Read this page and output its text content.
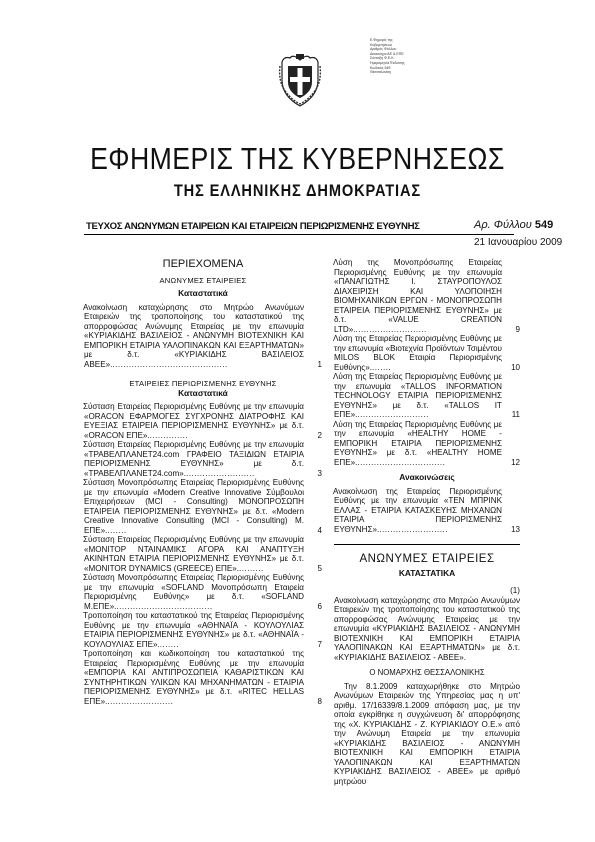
Ε.Φημερίς της
Κυβερνήσεως
Αριθμός Φύλλου
Δικαιούχοι ΑΕ & ΕΠΕ
Σύνταξη Φ.Ε.Κ.
Ημερομηνία Έκδοσης
Κωδικός 549
Θεσσαλονίκη
ΕΦΗΜΕΡΙΣ ΤΗΣ ΚΥΒΕΡΝΗΣΕΩΣ
ΤΗΣ ΕΛΛΗΝΙΚΗΣ ΔΗΜΟΚΡΑΤΙΑΣ
ΤΕΥΧΟΣ ΑΝΩΝΥΜΩΝ ΕΤΑΙΡΕΙΩΝ ΚΑΙ ΕΤΑΙΡΕΙΩΝ ΠΕΡΙΩΡΙΣΜΕΝΗΣ ΕΥΘΥΝΗΣ	Αρ. Φύλλου 549
21 Ιανουαρίου 2009
ΠΕΡΙΕΧΟΜΕΝΑ
ΑΝΩΝΥΜΕΣ ΕΤΑΙΡΕΙΕΣ
Καταστατικά
Ανακοίνωση καταχώρησης στο Μητρώο Ανωνύμων Εταιρειών της τροποποίησης του καταστατικού της απορροφώσας Ανώνυμης Εταιρείας με την επωνυμία «ΚΥΡΙΑΚΙΔΗΣ ΒΑΣΙΛΕΙΟΣ - ΑΝΩΝΥΜΗ ΒΙΟΤΕΧΝΙΚΗ ΚΑΙ ΕΜΠΟΡΙΚΗ ΕΤΑΙΡΙΑ ΥΑΛΟΠΙΝΑΚΩΝ ΚΑΙ ΕΞΑΡΤΗΜΑΤΩΝ» με δ.τ. «ΚΥΡΙΑΚΙΔΗΣ ΒΑΣΙΛΕΙΟΣ ΑΒΕΕ»...........................................	1
ΕΤΑΙΡΕΙΕΣ ΠΕΡΙΩΡΙΣΜΕΝΗΣ ΕΥΘΥΝΗΣ
Καταστατικά
Σύσταση Εταιρείας Περιορισμένης Ευθύνης με την επωνυμία «ORACON ΕΦΑΡΜΟΓΕΣ ΣΥΓΧΡΟΝΗΣ ΔΙΑΤΡΟΦΗΣ ΚΑΙ ΕΥΕΞΙΑΣ ΕΤΑΙΡΕΙΑ ΠΕΡΙΟΡΙΣΜΕΝΗΣ ΕΥΘΥΝΗΣ» με δ.τ. «ORACON ΕΠΕ»...............	2
Σύσταση Εταιρείας Περιορισμένης Ευθύνης με την επωνυμία «ΤΡΑΒΕΛΠΛΑΝΕΤ24.com ΓΡΑΦΕΙΟ ΤΑΞΙΔΙΩΝ ΕΤΑΙΡΙΑ ΠΕΡΙΟΡΙΣΜΕΝΗΣ ΕΥΘΥΝΗΣ» με δ.τ. «ΤΡΑΒΕΛΠΛΑΝΕΤ24.com»..........................	3
Σύσταση Μονοπρόσωπης Εταιρείας Περιορισμένης Ευθύνης με την επωνυμία «Modern Creative Innovative Σύμβουλοι Επιχειρήσεων (MCI - Consulting) ΜΟΝΟΠΡΟΣΩΠΗ ΕΤΑΙΡΕΙΑ ΠΕΡΙΟΡΙΣΜΕΝΗΣ ΕΥΘΥΝΗΣ» με δ.τ. «Modern Creative Innovative Consulting (MCI - Consulting) Μ. ΕΠΕ»........	4
Σύσταση Εταιρείας Περιορισμένης Ευθύνης με την επωνυμία «ΜΟΝΙΤΟΡ ΝΤΑΙΝΑΜΙΚΣ ΑΓΟΡΑ ΚΑΙ ΑΝΑΠΤΥΞΗ ΑΚΙΝΗΤΩΝ ΕΤΑΙΡΙΑ ΠΕΡΙΟΡΙΣΜΕΝΗΣ ΕΥΘΥΝΗΣ» με δ.τ. «MONITOR DYNAMICS (GREECE) ΕΠΕ»..........	5
Σύσταση Μονοπρόσωπης Εταιρείας Περιορισμένης Ευθύνης με την επωνυμία «SOFLAND Μονοπρόσωπη Εταιρεία Περιορισμένης Ευθύνης» με δ.τ. «SOFLAND Μ.ΕΠΕ»....................................	6
Τροποποίηση του καταστατικού της Εταιρείας Περιορισμένης Ευθύνης με την επωνυμία «ΑΘΗΝΑΪΑ - ΚΟΥΛΟΥΛΙΑΣ ΕΤΑΙΡΙΑ ΠΕΡΙΟΡΙΣΜΕΝΗΣ ΕΥΘΥΝΗΣ» με δ.τ. «ΑΘΗΝΑΪΑ - ΚΟΥΛΟΥΛΙΑΣ ΕΠΕ»........	7
Τροποποίηση και κωδικοποίηση του καταστατικού της Εταιρείας Περιορισμένης Ευθύνης με την επωνυμία «ΕΜΠΟΡΙΑ ΚΑΙ ΑΝΤΙΠΡΟΣΩΠΕΙΑ ΚΑΘΑΡΙΣΤΙΚΩΝ ΚΑΙ ΣΥΝΤΗΡΗΤΙΚΩΝ ΥΛΙΚΩΝ ΚΑΙ ΜΗΧΑΝΗΜΑΤΩΝ - ΕΤΑΙΡΙΑ ΠΕΡΙΟΡΙΣΜΕΝΗΣ ΕΥΘΥΝΗΣ» με δ.τ. «RITEC HELLAS ΕΠΕ».........................	8
Λύση της Μονοπρόσωπης Εταιρείας Περιορισμένης Ευθύνης με την επωνυμία «ΠΑΝΑΓΙΩΤΗΣ Ι. ΣΤΑΥΡΟΠΟΥΛΟΣ ΔΙΑΧΕΙΡΙΣΗ ΚΑΙ ΥΛΟΠΟΙΗΣΗ ΒΙΟΜΗΧΑΝΙΚΩΝ ΕΡΓΩΝ - ΜΟΝΟΠΡΟΣΩΠΗ ΕΤΑΙΡΕΙΑ ΠΕΡΙΟΡΙΣΜΕΝΗΣ ΕΥΘΥΝΗΣ» με δ.τ. «VALUE CREATION LTD»...........................	9
Λύση της Εταιρείας Περιορισμένης Ευθύνης με την επωνυμία «Βιοτεχνία Προϊόντων Τσιμέντου MILOS BLOK Εταιρία Περιορισμένης Ευθύνης»........	10
Λύση της Εταιρείας Περιορισμένης Ευθύνης με την επωνυμία «TALLOS INFORMATION TECHNOLOGY ΕΤΑΙΡΙΑ ΠΕΡΙΟΡΙΣΜΕΝΗΣ ΕΥΘΥΝΗΣ» με δ.τ. «TALLOS IT ΕΠΕ»...........................	11
Λύση της Εταιρείας Περιορισμένης Ευθύνης με την επωνυμία «HEALTHY HOME - ΕΜΠΟΡΙΚΗ ΕΤΑΙΡΙΑ ΠΕΡΙΟΡΙΣΜΕΝΗΣ ΕΥΘΥΝΗΣ» με δ.τ. «HEALTHY HOME ΕΠΕ».................................	12
Ανακοινώσεις
Ανακοίνωση της Εταιρείας Περιορισμένης Ευθύνης με την επωνυμία «ΤΕΝ ΜΠΡΙΝΚ ΕΛΛΑΣ - ΕΤΑΙΡΙΑ ΚΑΤΑΣΚΕΥΗΣ ΜΗΧΑΝΩΝ ΕΤΑΙΡΙΑ ΠΕΡΙΟΡΙΣΜΕΝΗΣ ΕΥΘΥΝΗΣ»..........................	13
ΑΝΩΝΥΜΕΣ ΕΤΑΙΡΕΙΕΣ
ΚΑΤΑΣΤΑΤΙΚΑ
(1)
Ανακοίνωση καταχώρησης στο Μητρώο Ανωνύμων Εταιρειών της τροποποίησης του καταστατικού της απορροφώσας Ανώνυμης Εταιρείας με την επωνυμία «ΚΥΡΙΑΚΙΔΗΣ ΒΑΣΙΛΕΙΟΣ - ΑΝΩΝΥΜΗ ΒΙΟΤΕΧΝΙΚΗ ΚΑΙ ΕΜΠΟΡΙΚΗ ΕΤΑΙΡΙΑ ΥΑΛΟΠΙΝΑΚΩΝ ΚΑΙ ΕΞΑΡΤΗΜΑΤΩΝ» με δ.τ. «ΚΥΡΙΑΚΙΔΗΣ ΒΑΣΙΛΕΙΟΣ - ΑΒΕΕ».
Ο ΝΟΜΑΡΧΗΣ ΘΕΣΣΑΛΟΝΙΚΗΣ
Την 8.1.2009 καταχωρήθηκε στο Μητρώο Ανωνύμων Εταιρειών της Υπηρεσίας μας η υπ' αριθμ. 17/16339/8.1.2009 απόφαση μας, με την οποία εγκρίθηκε η συγχώνευση δι' απορρόφησης της «Χ. ΚΥΡΙΑΚΙΔΗΣ - Ζ. ΚΥΡΙΑΚΙΔΟΥ Ο.Ε.» από την Ανώνυμη Εταιρεία με την επωνυμία «ΚΥΡΙΑΚΙΔΗΣ ΒΑΣΙΛΕΙΟΣ - ΑΝΩΝΥΜΗ ΒΙΟΤΕΧΝΙΚΗ ΚΑΙ ΕΜΠΟΡΙΚΗ ΕΤΑΙΡΙΑ ΥΑΛΟΠΙΝΑΚΩΝ ΚΑΙ ΕΞΑΡΤΗΜΑΤΩΝ ΚΥΡΙΑΚΙΔΗΣ ΒΑΣΙΛΕΙΟΣ - ΑΒΕΕ» με αριθμό μητρώου
